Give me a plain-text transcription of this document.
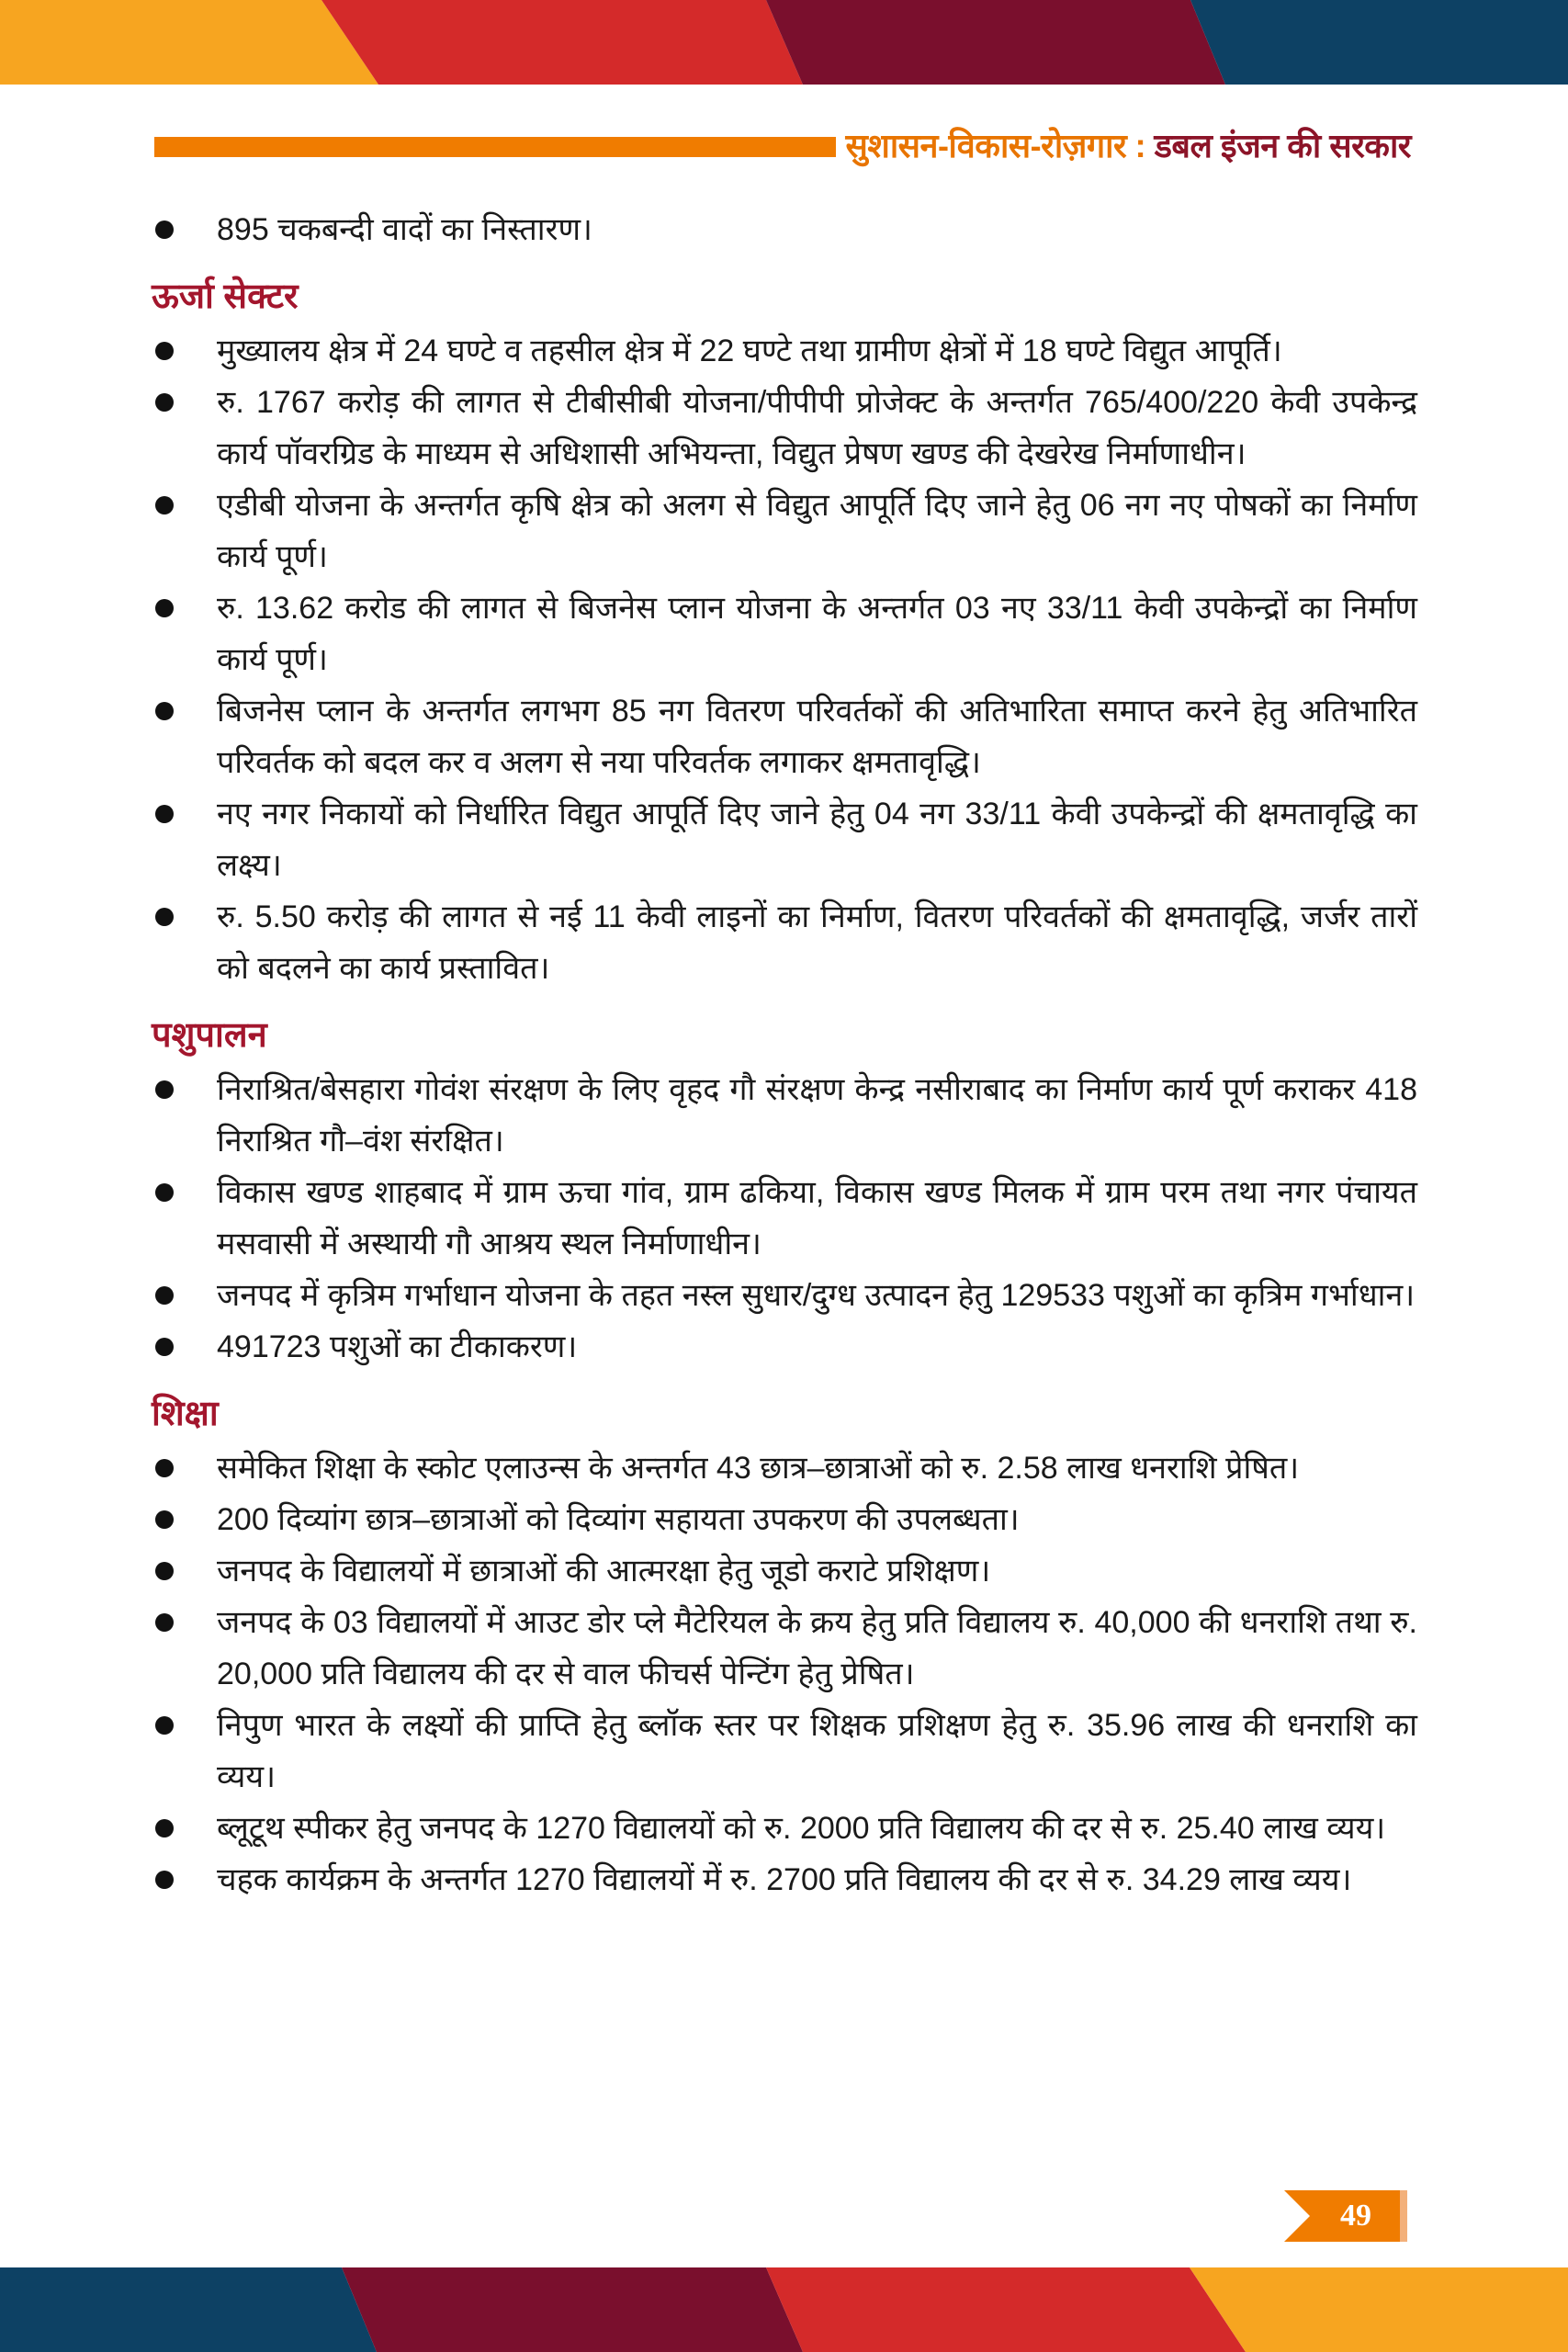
सुशासन-विकास-रोज़गार : डबल इंजन की सरकार
895 चकबन्दी वादों का निस्तारण।
ऊर्जा सेक्टर
मुख्यालय क्षेत्र में 24 घण्टे व तहसील क्षेत्र में 22 घण्टे तथा ग्रामीण क्षेत्रों में 18 घण्टे विद्युत आपूर्ति।
रु. 1767 करोड़ की लागत से टीबीसीबी योजना/पीपीपी प्रोजेक्ट के अन्तर्गत 765/400/220 केवी उपकेन्द्र कार्य पॉवरग्रिड के माध्यम से अधिशासी अभियन्ता, विद्युत प्रेषण खण्ड की देखरेख निर्माणाधीन।
एडीबी योजना के अन्तर्गत कृषि क्षेत्र को अलग से विद्युत आपूर्ति दिए जाने हेतु 06 नग नए पोषकों का निर्माण कार्य पूर्ण।
रु. 13.62 करोड की लागत से बिजनेस प्लान योजना के अन्तर्गत 03 नए 33/11 केवी उपकेन्द्रों का निर्माण कार्य पूर्ण।
बिजनेस प्लान के अन्तर्गत लगभग 85 नग वितरण परिवर्तकों की अतिभारिता समाप्त करने हेतु अतिभारित परिवर्तक को बदल कर व अलग से नया परिवर्तक लगाकर क्षमतावृद्धि।
नए नगर निकायों को निर्धारित विद्युत आपूर्ति दिए जाने हेतु 04 नग 33/11 केवी उपकेन्द्रों की क्षमतावृद्धि का लक्ष्य।
रु. 5.50 करोड़ की लागत से नई 11 केवी लाइनों का निर्माण, वितरण परिवर्तकों की क्षमतावृद्धि, जर्जर तारों को बदलने का कार्य प्रस्तावित।
पशुपालन
निराश्रित/बेसहारा गोवंश संरक्षण के लिए वृहद गौ संरक्षण केन्द्र नसीराबाद का निर्माण कार्य पूर्ण कराकर 418 निराश्रित गौ–वंश संरक्षित।
विकास खण्ड शाहबाद में ग्राम ऊचा गांव, ग्राम ढकिया, विकास खण्ड मिलक में ग्राम परम तथा नगर पंचायत मसवासी में अस्थायी गौ आश्रय स्थल निर्माणाधीन।
जनपद में कृत्रिम गर्भाधान योजना के तहत नस्ल सुधार/दुग्ध उत्पादन हेतु 129533 पशुओं का कृत्रिम गर्भाधान।
491723 पशुओं का टीकाकरण।
शिक्षा
समेकित शिक्षा के स्कोट एलाउन्स के अन्तर्गत 43 छात्र–छात्राओं को रु. 2.58 लाख धनराशि प्रेषित।
200 दिव्यांग छात्र–छात्राओं को दिव्यांग सहायता उपकरण की उपलब्धता।
जनपद के विद्यालयों में छात्राओं की आत्मरक्षा हेतु जूडो कराटे प्रशिक्षण।
जनपद के 03 विद्यालयों में आउट डोर प्ले मैटेरियल के क्रय हेतु प्रति विद्यालय रु. 40,000 की धनराशि तथा रु. 20,000 प्रति विद्यालय की दर से वाल फीचर्स पेन्टिंग हेतु प्रेषित।
निपुण भारत के लक्ष्यों की प्राप्ति हेतु ब्लॉक स्तर पर शिक्षक प्रशिक्षण हेतु रु. 35.96 लाख की धनराशि का व्यय।
ब्लूटूथ स्पीकर हेतु जनपद के 1270 विद्यालयों को रु. 2000 प्रति विद्यालय की दर से रु. 25.40 लाख व्यय।
चहक कार्यक्रम के अन्तर्गत 1270 विद्यालयों में रु. 2700 प्रति विद्यालय की दर से रु. 34.29 लाख व्यय।
49
